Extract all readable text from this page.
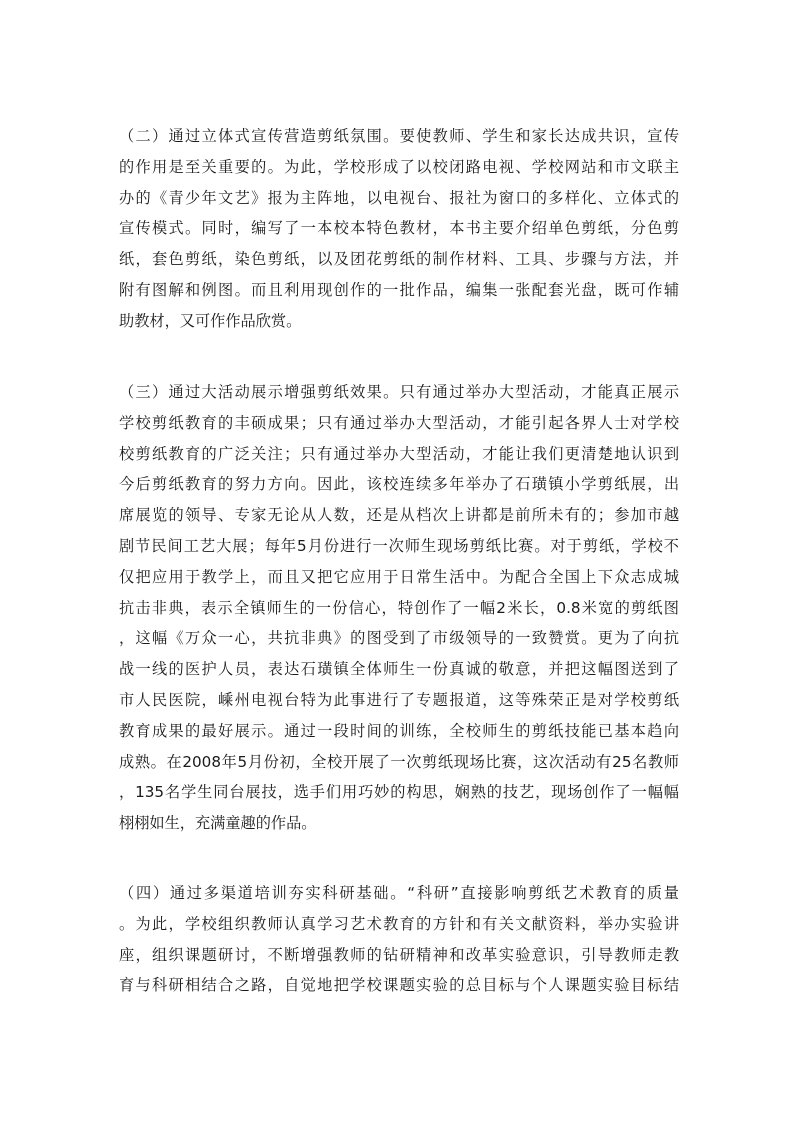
（二）通过立体式宣传营造剪纸氛围。要使教师、学生和家长达成共识，宣传
的作用是至关重要的。为此，学校形成了以校闭路电视、学校网站和市文联主
办的《青少年文艺》报为主阵地，以电视台、报社为窗口的多样化、立体式的
宣传模式。同时，编写了一本校本特色教材，本书主要介绍单色剪纸，分色剪
纸，套色剪纸，染色剪纸，以及团花剪纸的制作材料、工具、步骤与方法，并
附有图解和例图。而且利用现创作的一批作品，编集一张配套光盘，既可作辅
助教材，又可作作品欣赏。
（三）通过大活动展示增强剪纸效果。只有通过举办大型活动，才能真正展示
学校剪纸教育的丰硕成果；只有通过举办大型活动，才能引起各界人士对学校
校剪纸教育的广泛关注；只有通过举办大型活动，才能让我们更清楚地认识到
今后剪纸教育的努力方向。因此，该校连续多年举办了石璜镇小学剪纸展，出
席展览的领导、专家无论从人数，还是从档次上讲都是前所未有的；参加市越
剧节民间工艺大展；每年5月份进行一次师生现场剪纸比赛。对于剪纸，学校不
仅把应用于教学上，而且又把它应用于日常生活中。为配合全国上下众志成城
抗击非典，表示全镇师生的一份信心，特创作了一幅2米长，0.8米宽的剪纸图
，这幅《万众一心，共抗非典》的图受到了市级领导的一致赞赏。更为了向抗
战一线的医护人员，表达石璜镇全体师生一份真诚的敬意，并把这幅图送到了
市人民医院，嵊州电视台特为此事进行了专题报道，这等殊荣正是对学校剪纸
教育成果的最好展示。通过一段时间的训练，全校师生的剪纸技能已基本趋向
成熟。在2008年5月份初，全校开展了一次剪纸现场比赛，这次活动有25名教师
，135名学生同台展技，选手们用巧妙的构思，娴熟的技艺，现场创作了一幅幅
栩栩如生，充满童趣的作品。
（四）通过多渠道培训夯实科研基础。“科研”直接影响剪纸艺术教育的质量
。为此，学校组织教师认真学习艺术教育的方针和有关文献资料，举办实验讲
座，组织课题研讨，不断增强教师的钻研精神和改革实验意识，引导教师走教
育与科研相结合之路，自觉地把学校课题实验的总目标与个人课题实验目标结
